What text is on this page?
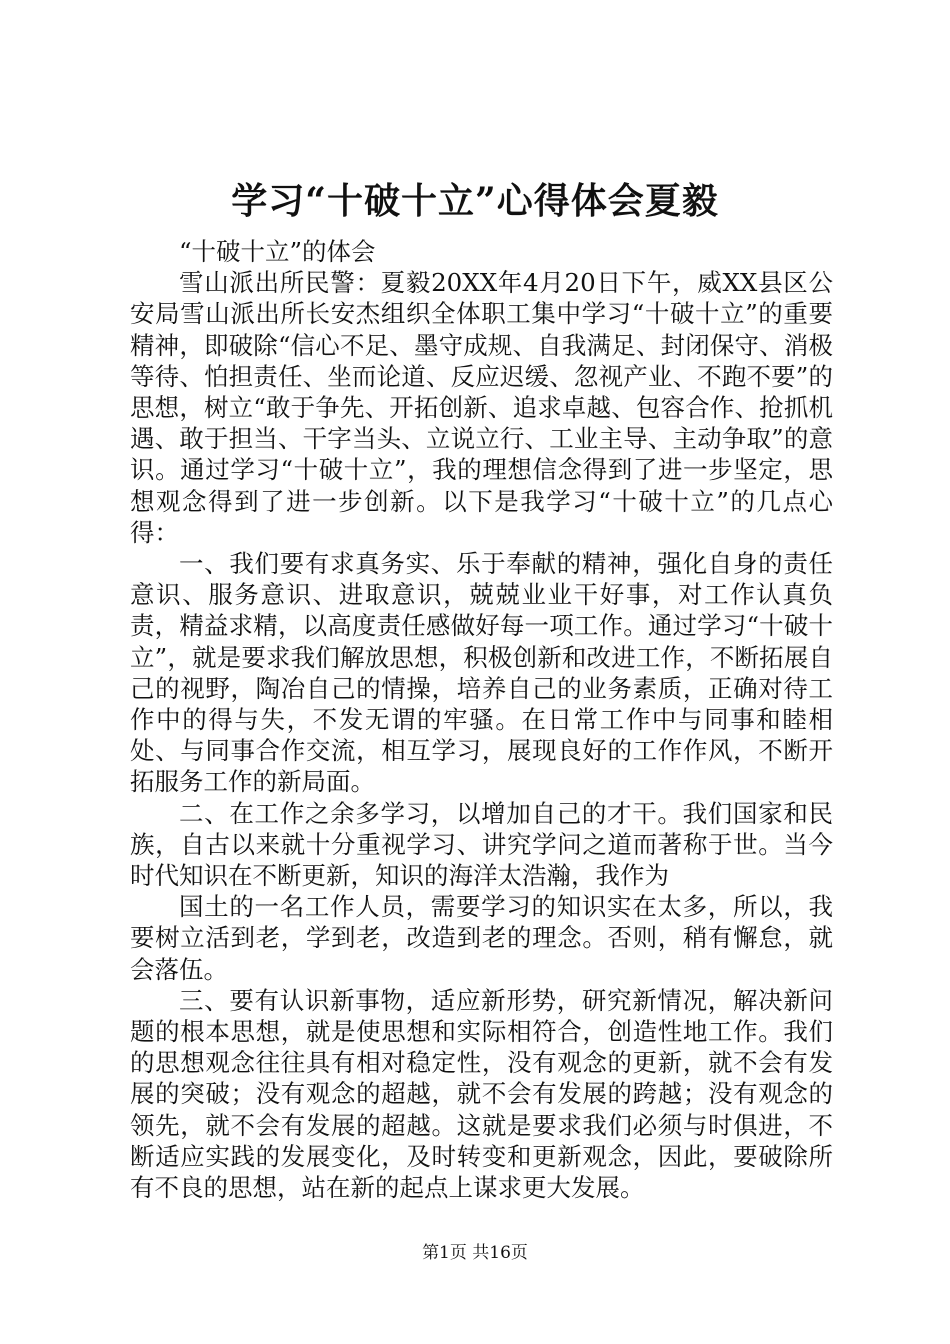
学习“十破十立”心得体会夏毅

“十破十立”的体会

雪山派出所民警：夏毅20XX年4月20日下午，威XX县区公安局雪山派出所长安杰组织全体职工集中学习“十破十立”的重要精神，即破除“信心不足、墨守成规、自我满足、封闭保守、消极等待、怕担责任、坐而论道、反应迟缓、忽视产业、不跑不要”的思想，树立“敢于争先、开拓创新、追求卓越、包容合作、抢抓机遇、敢于担当、干字当头、立说立行、工业主导、主动争取”的意识。通过学习“十破十立”，我的理想信念得到了进一步坚定，思想观念得到了进一步创新。以下是我学习“十破十立”的几点心得：

一、我们要有求真务实、乐于奉献的精神，强化自身的责任意识、服务意识、进取意识，兢兢业业干好事，对工作认真负责，精益求精，以高度责任感做好每一项工作。通过学习“十破十立”，就是要求我们解放思想，积极创新和改进工作，不断拓展自己的视野，陶冶自己的情操，培养自己的业务素质，正确对待工作中的得与失，不发无谓的牢骚。在日常工作中与同事和睦相处、与同事合作交流，相互学习，展现良好的工作作风，不断开拓服务工作的新局面。

二、在工作之余多学习，以增加自己的才干。我们国家和民族，自古以来就十分重视学习、讲究学问之道而著称于世。当今时代知识在不断更新，知识的海洋太浩瀚，我作为

国土的一名工作人员，需要学习的知识实在太多，所以，我要树立活到老，学到老，改造到老的理念。否则，稍有懈怠，就会落伍。

三、要有认识新事物，适应新形势，研究新情况，解决新问题的根本思想，就是使思想和实际相符合，创造性地工作。我们的思想观念往往具有相对稳定性，没有观念的更新，就不会有发展的突破；没有观念的超越，就不会有发展的跨越；没有观念的领先，就不会有发展的超越。这就是要求我们必须与时俱进，不断适应实践的发展变化，及时转变和更新观念，因此，要破除所有不良的思想，站在新的起点上谋求更大发展。

第1页 共16页
